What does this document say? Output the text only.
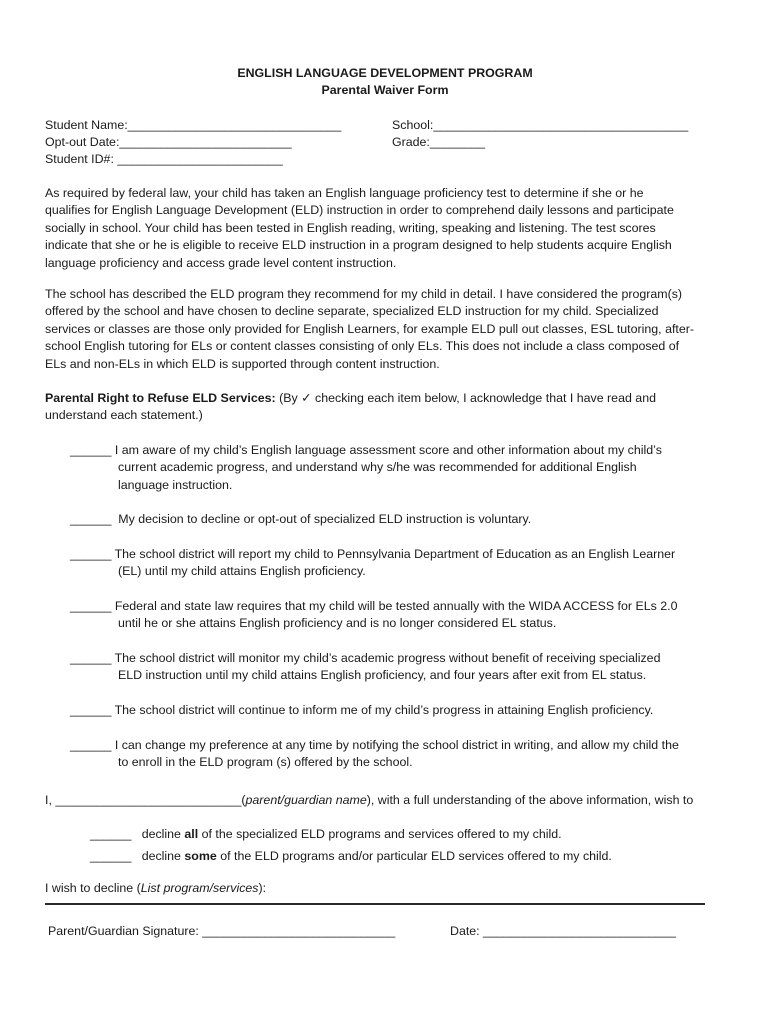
ENGLISH LANGUAGE DEVELOPMENT PROGRAM
Parental Waiver Form
Student Name:_______________________________	School:_____________________________________
Opt-out Date:_________________________	Grade:________
Student ID#: ________________________

As required by federal law, your child has taken an English language proficiency test to determine if she or he

qualifies for English Language Development (ELD) instruction in order to comprehend daily lessons and participate

socially in school. Your child has been tested in English reading, writing, speaking and listening. The test scores

indicate that she or he is eligible to receive ELD instruction in a program designed to help students acquire English

language proficiency and access grade level content instruction.

The school has described the ELD program they recommend for my child in detail. I have considered the program(s)

offered by the school and have chosen to decline separate, specialized ELD instruction for my child. Specialized

services or classes are those only provided for English Learners, for example ELD pull out classes, ESL tutoring, after-

school English tutoring for ELs or content classes consisting of only ELs. This does not include a class composed of

ELs and non-ELs in which ELD is supported through content instruction.

Parental Right to Refuse ELD Services: (By ✓ checking each item below, I acknowledge that I have read and

understand each statement.)

______ I am aware of my child’s English language assessment score and other information about my child’s

current academic progress, and understand why s/he was recommended for additional English

language instruction.

______ My decision to decline or opt-out of specialized ELD instruction is voluntary.

______ The school district will report my child to Pennsylvania Department of Education as an English Learner

(EL) until my child attains English proficiency.

______ Federal and state law requires that my child will be tested annually with the WIDA ACCESS for ELs 2.0

until he or she attains English proficiency and is no longer considered EL status.

______ The school district will monitor my child’s academic progress without benefit of receiving specialized

ELD instruction until my child attains English proficiency, and four years after exit from EL status.

______ The school district will continue to inform me of my child’s progress in attaining English proficiency.

______ I can change my preference at any time by notifying the school district in writing, and allow my child the

to enroll in the ELD program (s) offered by the school.

I, ___________________________(parent/guardian name), with a full understanding of the above information, wish to
______ decline all of the specialized ELD programs and services offered to my child.
______ decline some of the ELD programs and/or particular ELD services offered to my child.
I wish to decline (List program/services):
Parent/Guardian Signature: ____________________________	Date: ____________________________
